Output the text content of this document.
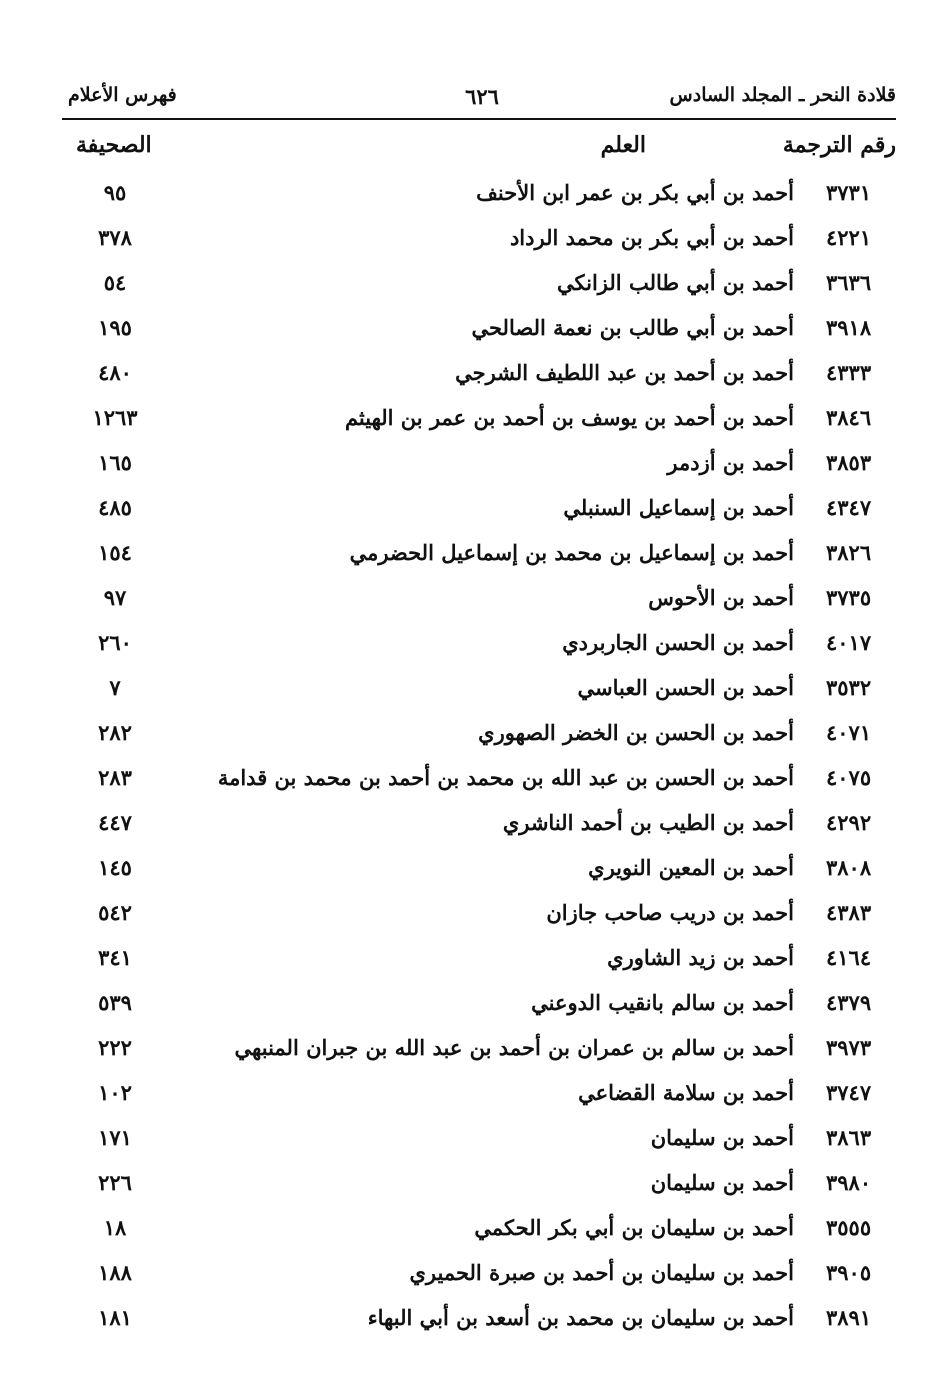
قلادة النحر ـ المجلد السادس
٦٢٦
فهرس الأعلام
رقم الترجمة
العلم
الصحيفة
٣٧٣١
أحمد بن أبي بكر بن عمر ابن الأحنف
٩٥
٤٢٢١
أحمد بن أبي بكر بن محمد الرداد
٣٧٨
٣٦٣٦
أحمد بن أبي طالب الزانكي
٥٤
٣٩١٨
أحمد بن أبي طالب بن نعمة الصالحي
١٩٥
٤٣٣٣
أحمد بن أحمد بن عبد اللطيف الشرجي
٤٨٠
٣٨٤٦
أحمد بن أحمد بن يوسف بن أحمد بن عمر بن الهيثم
١٢٦٣
٣٨٥٣
أحمد بن أزدمر
١٦٥
٤٣٤٧
أحمد بن إسماعيل السنبلي
٤٨٥
٣٨٢٦
أحمد بن إسماعيل بن محمد بن إسماعيل الحضرمي
١٥٤
٣٧٣٥
أحمد بن الأحوس
٩٧
٤٠١٧
أحمد بن الحسن الجاربردي
٢٦٠
٣٥٣٢
أحمد بن الحسن العباسي
٧
٤٠٧١
أحمد بن الحسن بن الخضر الصهوري
٢٨٢
٤٠٧٥
أحمد بن الحسن بن عبد الله بن محمد بن أحمد بن محمد بن قدامة
٢٨٣
٤٢٩٢
أحمد بن الطيب بن أحمد الناشري
٤٤٧
٣٨٠٨
أحمد بن المعين النويري
١٤٥
٤٣٨٣
أحمد بن دريب صاحب جازان
٥٤٢
٤١٦٤
أحمد بن زيد الشاوري
٣٤١
٤٣٧٩
أحمد بن سالم بانقيب الدوعني
٥٣٩
٣٩٧٣
أحمد بن سالم بن عمران بن أحمد بن عبد الله بن جبران المنبهي
٢٢٢
٣٧٤٧
أحمد بن سلامة القضاعي
١٠٢
٣٨٦٣
أحمد بن سليمان
١٧١
٣٩٨٠
أحمد بن سليمان
٢٢٦
٣٥٥٥
أحمد بن سليمان بن أبي بكر الحكمي
١٨
٣٩٠٥
أحمد بن سليمان بن أحمد بن صبرة الحميري
١٨٨
٣٨٩١
أحمد بن سليمان بن محمد بن أسعد بن أبي البهاء
١٨١
